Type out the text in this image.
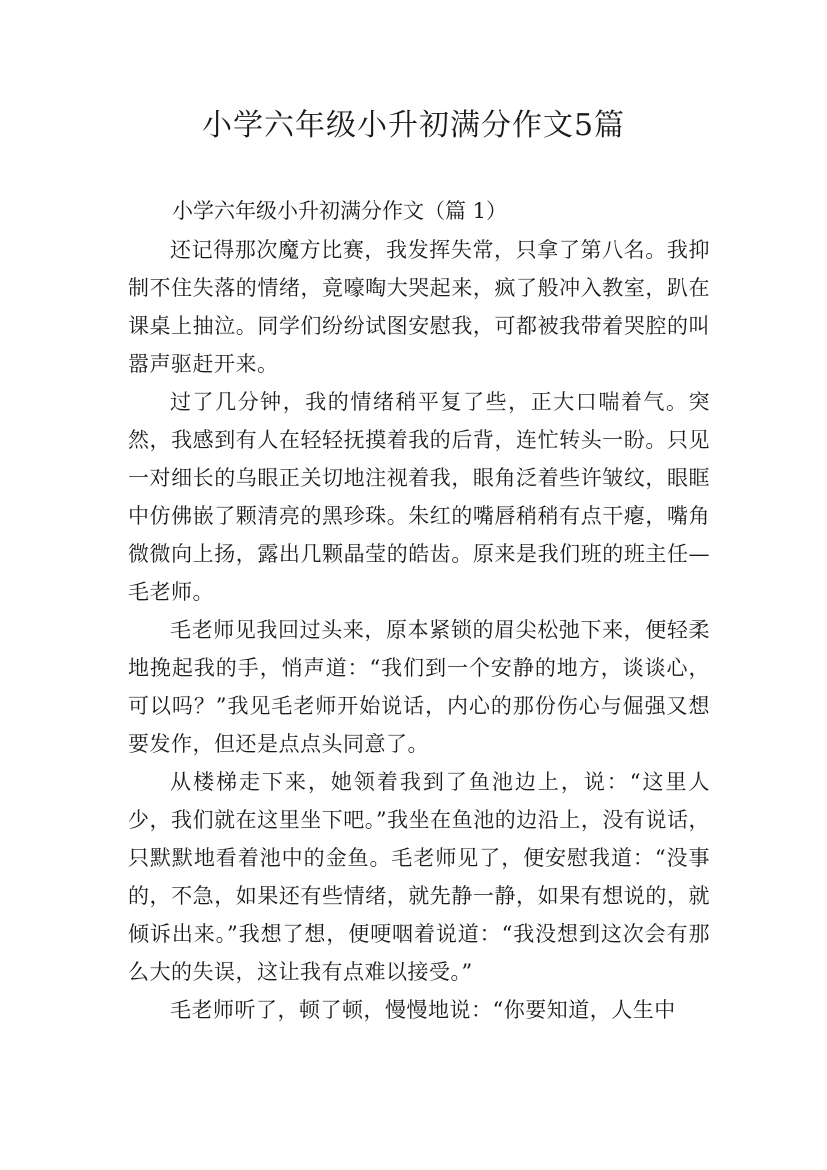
小学六年级小升初满分作文5篇

小学六年级小升初满分作文（篇 1）

还记得那次魔方比赛，我发挥失常，只拿了第八名。我抑制不住失落的情绪，竟嚎啕大哭起来，疯了般冲入教室，趴在课桌上抽泣。同学们纷纷试图安慰我，可都被我带着哭腔的叫嚣声驱赶开来。

过了几分钟，我的情绪稍平复了些，正大口喘着气。突然，我感到有人在轻轻抚摸着我的后背，连忙转头一盼。只见一对细长的乌眼正关切地注视着我，眼角泛着些许皱纹，眼眶中仿佛嵌了颗清亮的黑珍珠。朱红的嘴唇稍稍有点干瘪，嘴角微微向上扬，露出几颗晶莹的皓齿。原来是我们班的班主任—毛老师。

毛老师见我回过头来，原本紧锁的眉尖松弛下来，便轻柔地挽起我的手，悄声道：“我们到一个安静的地方，谈谈心，可以吗？”我见毛老师开始说话，内心的那份伤心与倔强又想要发作，但还是点点头同意了。

从楼梯走下来，她领着我到了鱼池边上，说：“这里人少，我们就在这里坐下吧。”我坐在鱼池的边沿上，没有说话，只默默地看着池中的金鱼。毛老师见了，便安慰我道：“没事的，不急，如果还有些情绪，就先静一静，如果有想说的，就倾诉出来。”我想了想，便哽咽着说道：“我没想到这次会有那么大的失误，这让我有点难以接受。”

毛老师听了，顿了顿，慢慢地说：“你要知道，人生中
